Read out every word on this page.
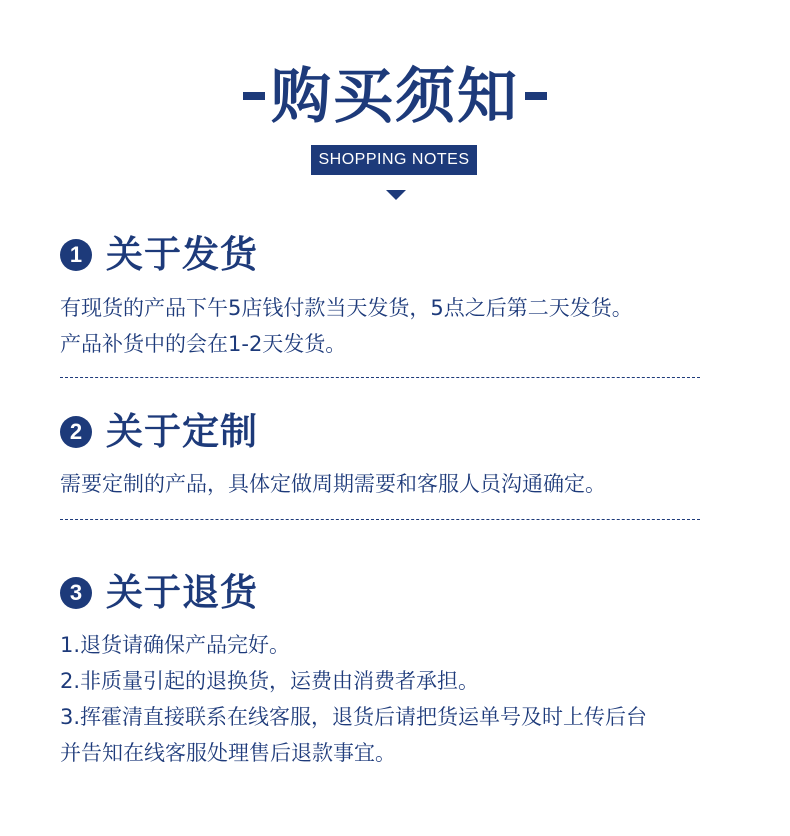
购买须知
SHOPPING NOTES
1 关于发货

有现货的产品下午5店钱付款当天发货，5点之后第二天发货。

产品补货中的会在1-2天发货。

2 关于定制

需要定制的产品，具体定做周期需要和客服人员沟通确定。

3 关于退货

1.退货请确保产品完好。

2.非质量引起的退换货，运费由消费者承担。

3.挥霍清直接联系在线客服，退货后请把货运单号及时上传后台

并告知在线客服处理售后退款事宜。
